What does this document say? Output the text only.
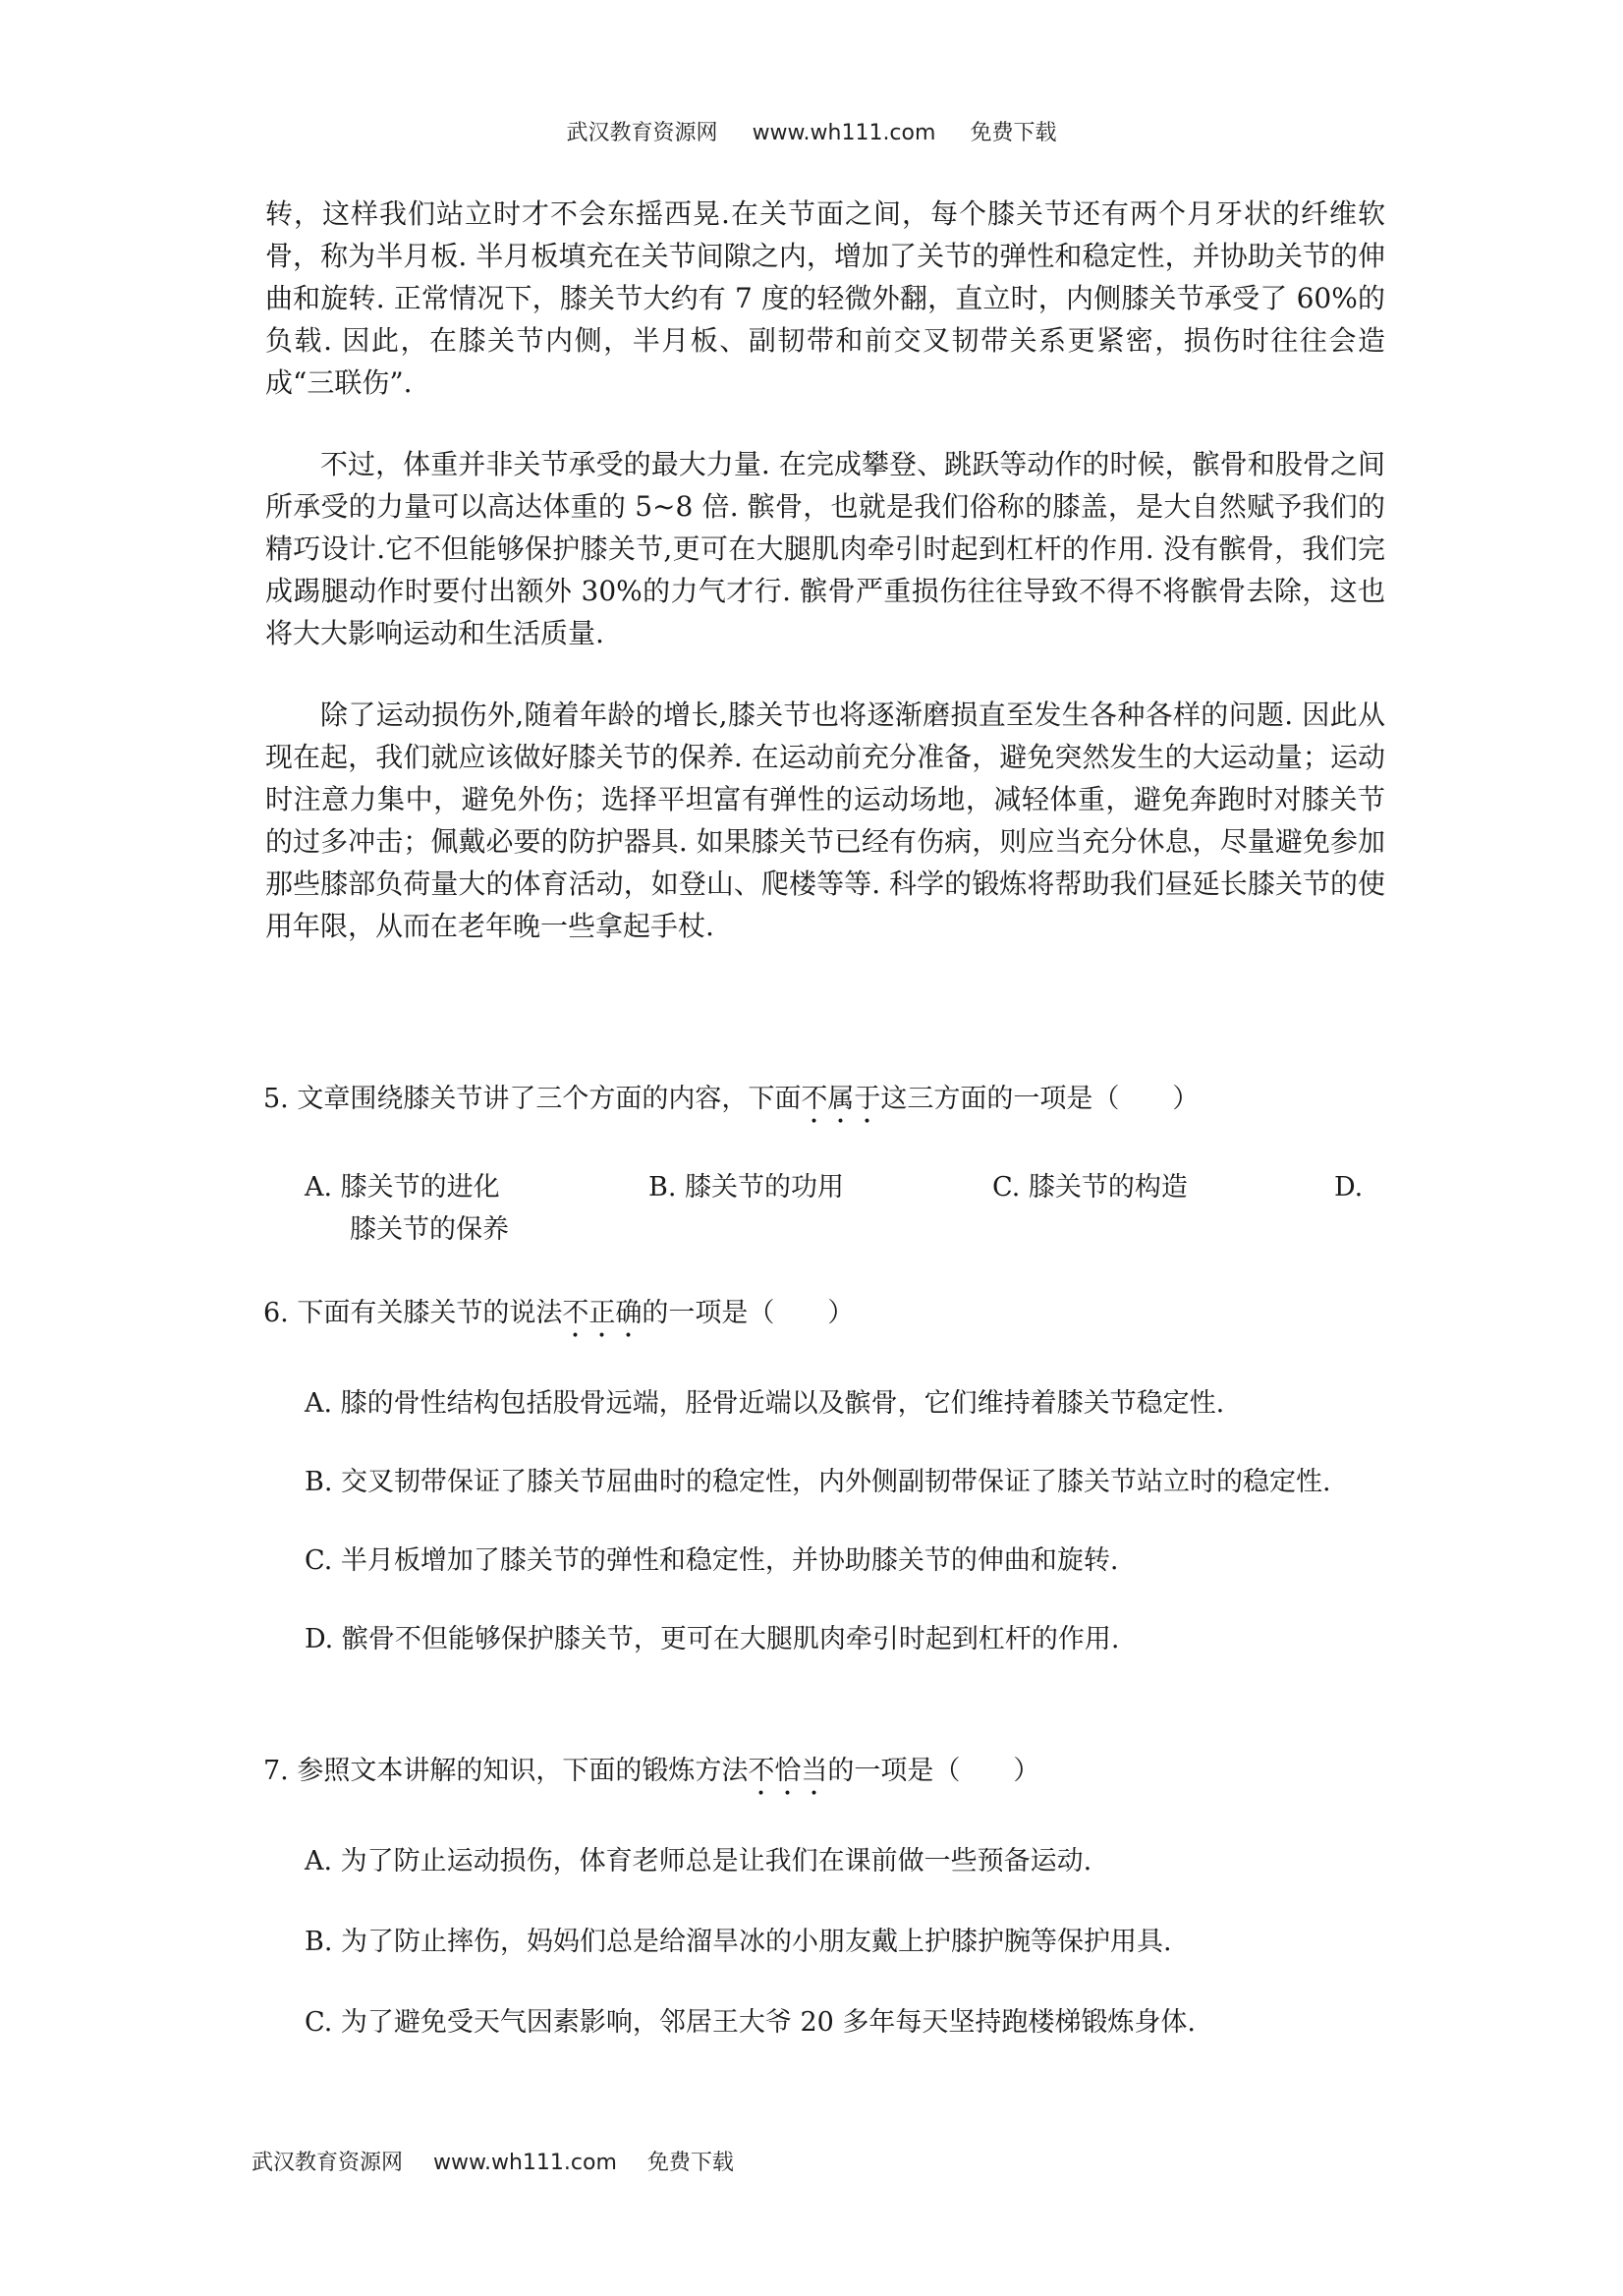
武汉教育资源网 www.wh111.com 免费下载

转，这样我们站立时才不会东摇西晃.在关节面之间，每个膝关节还有两个月牙状的纤维软骨，称为半月板. 半月板填充在关节间隙之内，增加了关节的弹性和稳定性，并协助关节的伸曲和旋转. 正常情况下，膝关节大约有 7 度的轻微外翻，直立时，内侧膝关节承受了 60%的负载. 因此，在膝关节内侧，半月板、副韧带和前交叉韧带关系更紧密，损伤时往往会造成“三联伤”.

不过，体重并非关节承受的最大力量. 在完成攀登、跳跃等动作的时候，髌骨和股骨之间所承受的力量可以高达体重的 5~8 倍. 髌骨，也就是我们俗称的膝盖，是大自然赋予我们的精巧设计.它不但能够保护膝关节,更可在大腿肌肉牵引时起到杠杆的作用. 没有髌骨，我们完成踢腿动作时要付出额外 30%的力气才行. 髌骨严重损伤往往导致不得不将髌骨去除，这也将大大影响运动和生活质量.

除了运动损伤外,随着年龄的增长,膝关节也将逐渐磨损直至发生各种各样的问题. 因此从现在起，我们就应该做好膝关节的保养. 在运动前充分准备，避免突然发生的大运动量；运动时注意力集中，避免外伤；选择平坦富有弹性的运动场地，减轻体重，避免奔跑时对膝关节的过多冲击；佩戴必要的防护器具. 如果膝关节已经有伤病，则应当充分休息，尽量避免参加那些膝部负荷量大的体育活动，如登山、爬楼等等. 科学的锻炼将帮助我们昼延长膝关节的使用年限，从而在老年晚一些拿起手杖.

5. 文章围绕膝关节讲了三个方面的内容，下面不属于这三方面的一项是（　　）

A. 膝关节的进化	B. 膝关节的功用	C. 膝关节的构造	D.
膝关节的保养

6. 下面有关膝关节的说法不正确的一项是（　　）

A. 膝的骨性结构包括股骨远端，胫骨近端以及髌骨，它们维持着膝关节稳定性.

B. 交叉韧带保证了膝关节屈曲时的稳定性，内外侧副韧带保证了膝关节站立时的稳定性.

C. 半月板增加了膝关节的弹性和稳定性，并协助膝关节的伸曲和旋转.

D. 髌骨不但能够保护膝关节，更可在大腿肌肉牵引时起到杠杆的作用.

7. 参照文本讲解的知识，下面的锻炼方法不恰当的一项是（　　）

A. 为了防止运动损伤，体育老师总是让我们在课前做一些预备运动.

B. 为了防止摔伤，妈妈们总是给溜旱冰的小朋友戴上护膝护腕等保护用具.

C. 为了避免受天气因素影响，邻居王大爷 20 多年每天坚持跑楼梯锻炼身体.

武汉教育资源网 www.wh111.com 免费下载
